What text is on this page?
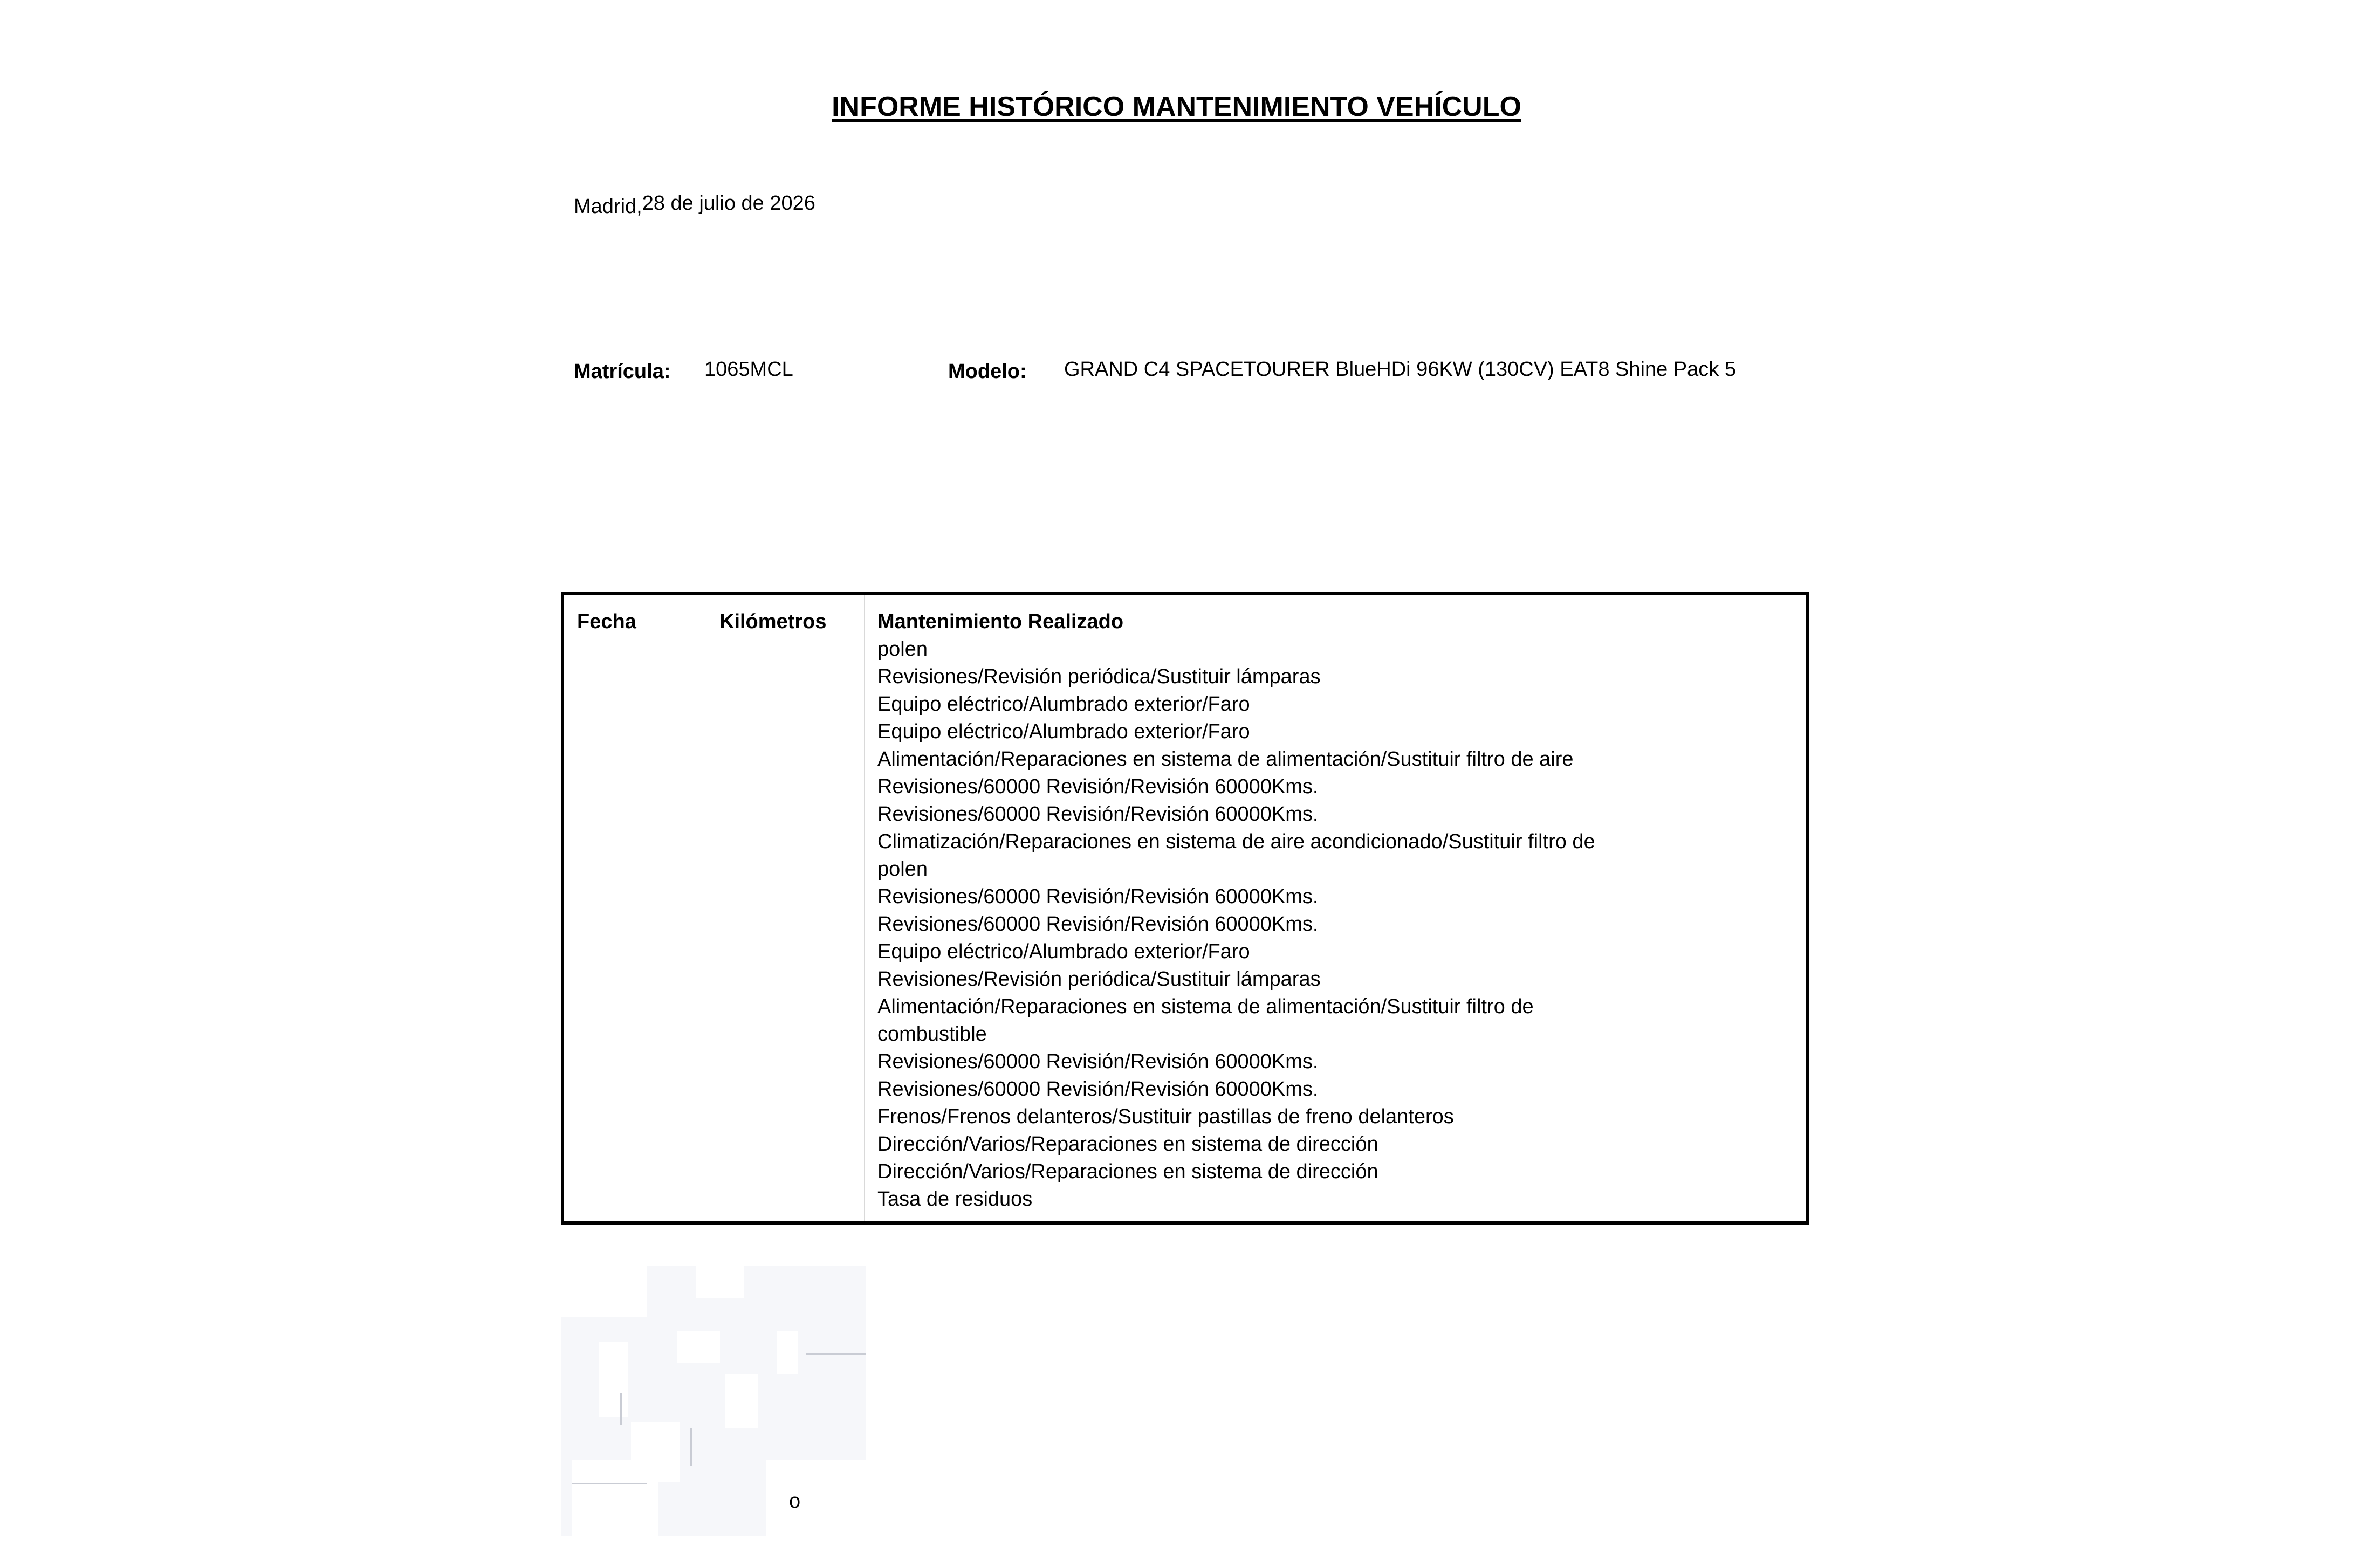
INFORME HISTÓRICO MANTENIMIENTO VEHÍCULO
Madrid,28 de julio de 2026
Matrícula: 1065MCL	Modelo: GRAND C4 SPACETOURER BlueHDi 96KW (130CV) EAT8 Shine Pack 5
Fecha	Kilómetros	Mantenimiento Realizado
polen
Revisiones/Revisión periódica/Sustituir lámparas
Equipo eléctrico/Alumbrado exterior/Faro
Equipo eléctrico/Alumbrado exterior/Faro
Alimentación/Reparaciones en sistema de alimentación/Sustituir filtro de aire
Revisiones/60000 Revisión/Revisión 60000Kms.
Revisiones/60000 Revisión/Revisión 60000Kms.
Climatización/Reparaciones en sistema de aire acondicionado/Sustituir filtro de
polen
Revisiones/60000 Revisión/Revisión 60000Kms.
Revisiones/60000 Revisión/Revisión 60000Kms.
Equipo eléctrico/Alumbrado exterior/Faro
Revisiones/Revisión periódica/Sustituir lámparas
Alimentación/Reparaciones en sistema de alimentación/Sustituir filtro de
combustible
Revisiones/60000 Revisión/Revisión 60000Kms.
Revisiones/60000 Revisión/Revisión 60000Kms.
Frenos/Frenos delanteros/Sustituir pastillas de freno delanteros
Dirección/Varios/Reparaciones en sistema de dirección
Dirección/Varios/Reparaciones en sistema de dirección
Tasa de residuos
o
